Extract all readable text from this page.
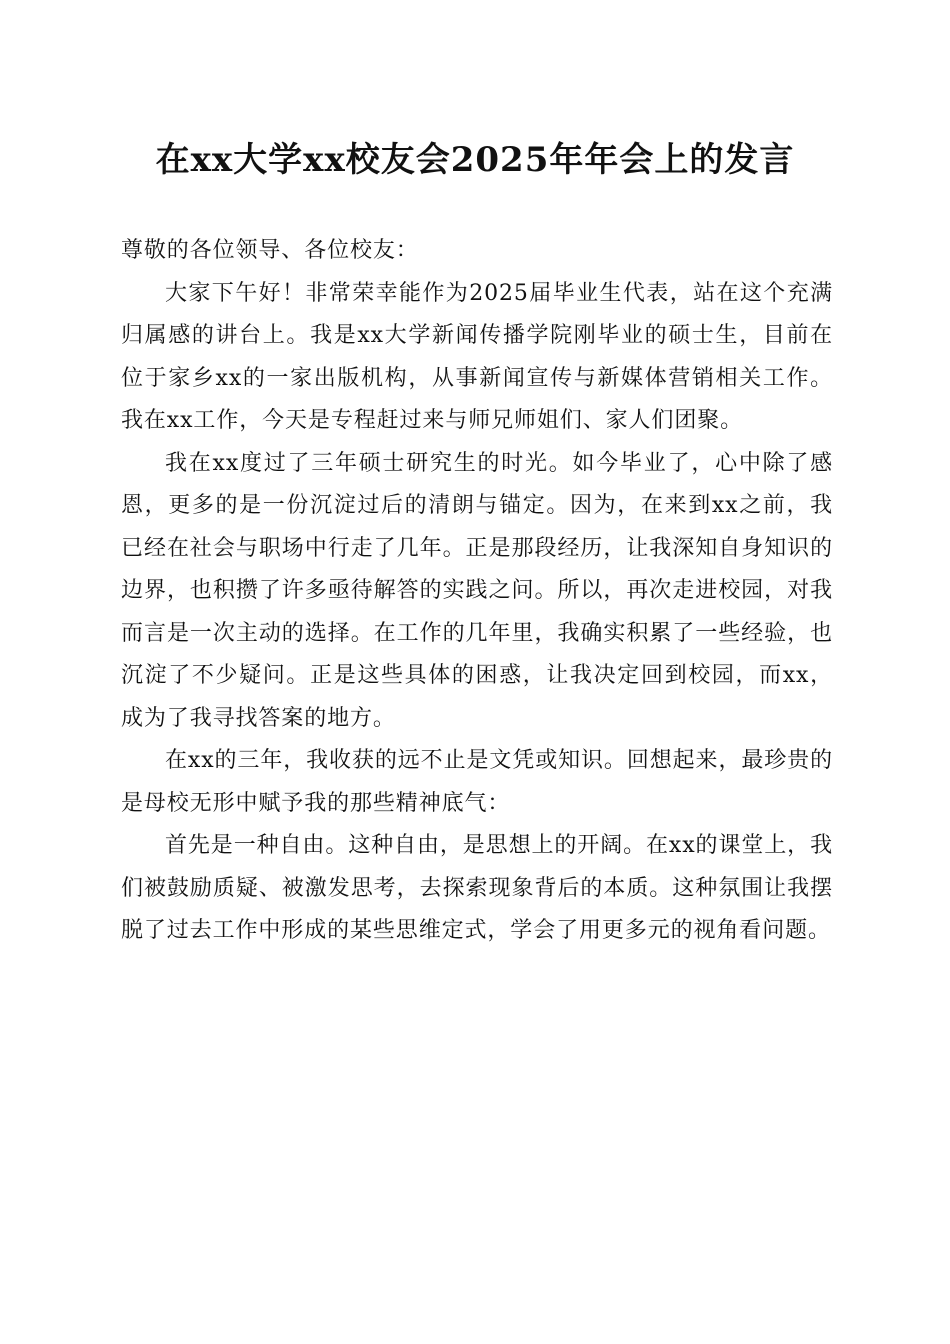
在xx大学xx校友会2025年年会上的发言

尊敬的各位领导、各位校友：

大家下午好！非常荣幸能作为2025届毕业生代表，站在这个充满归属感的讲台上。我是xx大学新闻传播学院刚毕业的硕士生，目前在位于家乡xx的一家出版机构，从事新闻宣传与新媒体营销相关工作。我在xx工作，今天是专程赶过来与师兄师姐们、家人们团聚。

我在xx度过了三年硕士研究生的时光。如今毕业了，心中除了感恩，更多的是一份沉淀过后的清朗与锚定。因为，在来到xx之前，我已经在社会与职场中行走了几年。正是那段经历，让我深知自身知识的边界，也积攒了许多亟待解答的实践之问。所以，再次走进校园，对我而言是一次主动的选择。在工作的几年里，我确实积累了一些经验，也沉淀了不少疑问。正是这些具体的困惑，让我决定回到校园，而xx，成为了我寻找答案的地方。

在xx的三年，我收获的远不止是文凭或知识。回想起来，最珍贵的是母校无形中赋予我的那些精神底气：

首先是一种自由。这种自由，是思想上的开阔。在xx的课堂上，我们被鼓励质疑、被激发思考，去探索现象背后的本质。这种氛围让我摆脱了过去工作中形成的某些思维定式，学会了用更多元的视角看问题。
